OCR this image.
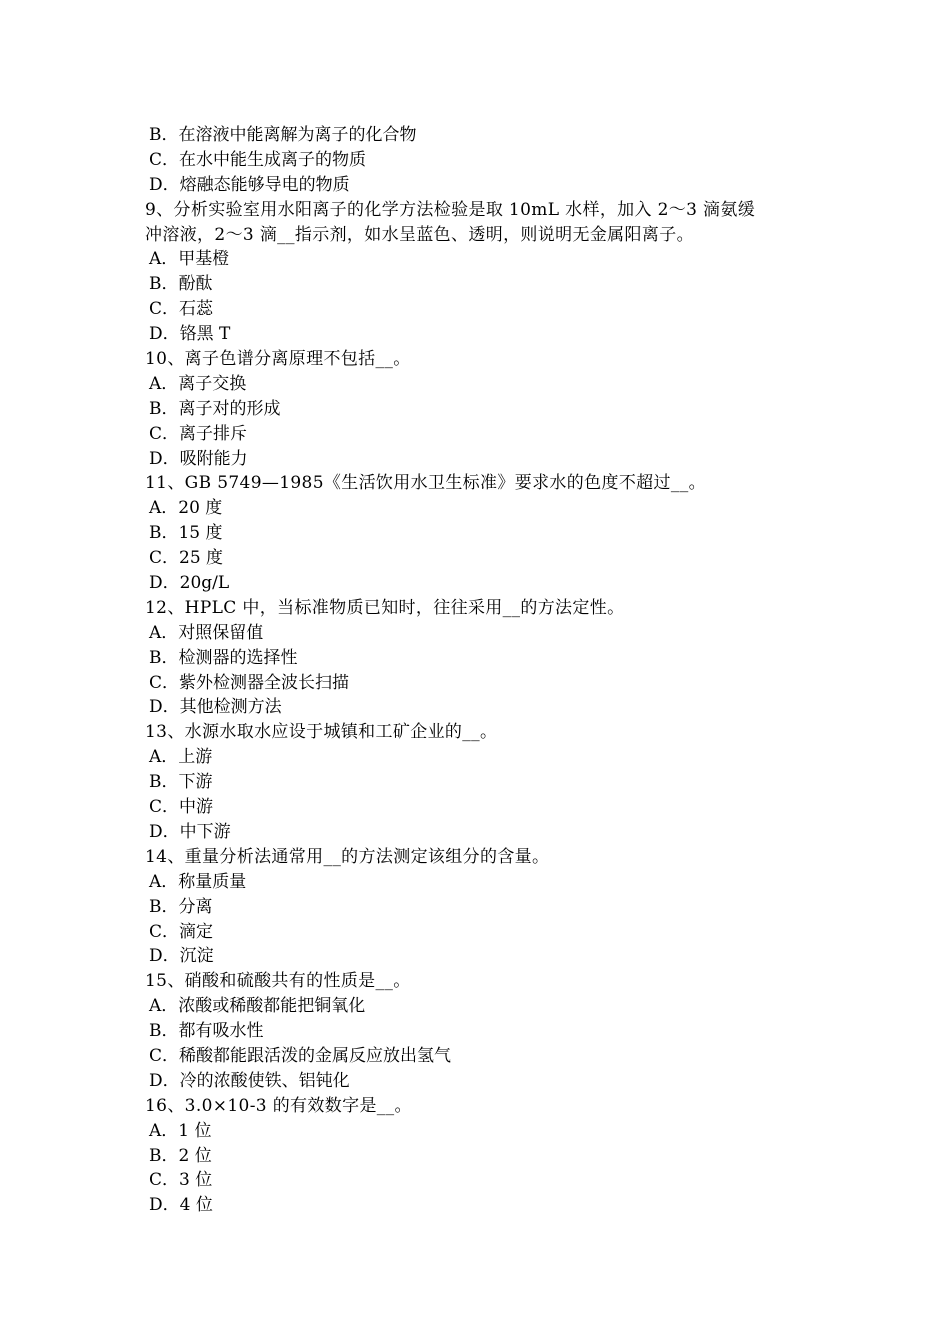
B．在溶液中能离解为离子的化合物
C．在水中能生成离子的物质
D．熔融态能够导电的物质
9、分析实验室用水阳离子的化学方法检验是取 10mL 水样，加入 2～3 滴氨缓
冲溶液，2～3 滴__指示剂，如水呈蓝色、透明，则说明无金属阳离子。
A．甲基橙
B．酚酞
C．石蕊
D．铬黑 T
10、离子色谱分离原理不包括__。
A．离子交换
B．离子对的形成
C．离子排斥
D．吸附能力
11、GB 5749—1985《生活饮用水卫生标准》要求水的色度不超过__。
A．20 度
B．15 度
C．25 度
D．20g/L
12、HPLC 中，当标准物质已知时，往往采用__的方法定性。
A．对照保留值
B．检测器的选择性
C．紫外检测器全波长扫描
D．其他检测方法
13、水源水取水应设于城镇和工矿企业的__。
A．上游
B．下游
C．中游
D．中下游
14、重量分析法通常用__的方法测定该组分的含量。
A．称量质量
B．分离
C．滴定
D．沉淀
15、硝酸和硫酸共有的性质是__。
A．浓酸或稀酸都能把铜氧化
B．都有吸水性
C．稀酸都能跟活泼的金属反应放出氢气
D．冷的浓酸使铁、铝钝化
16、3.0×10-3 的有效数字是__。
A．1 位
B．2 位
C．3 位
D．4 位
